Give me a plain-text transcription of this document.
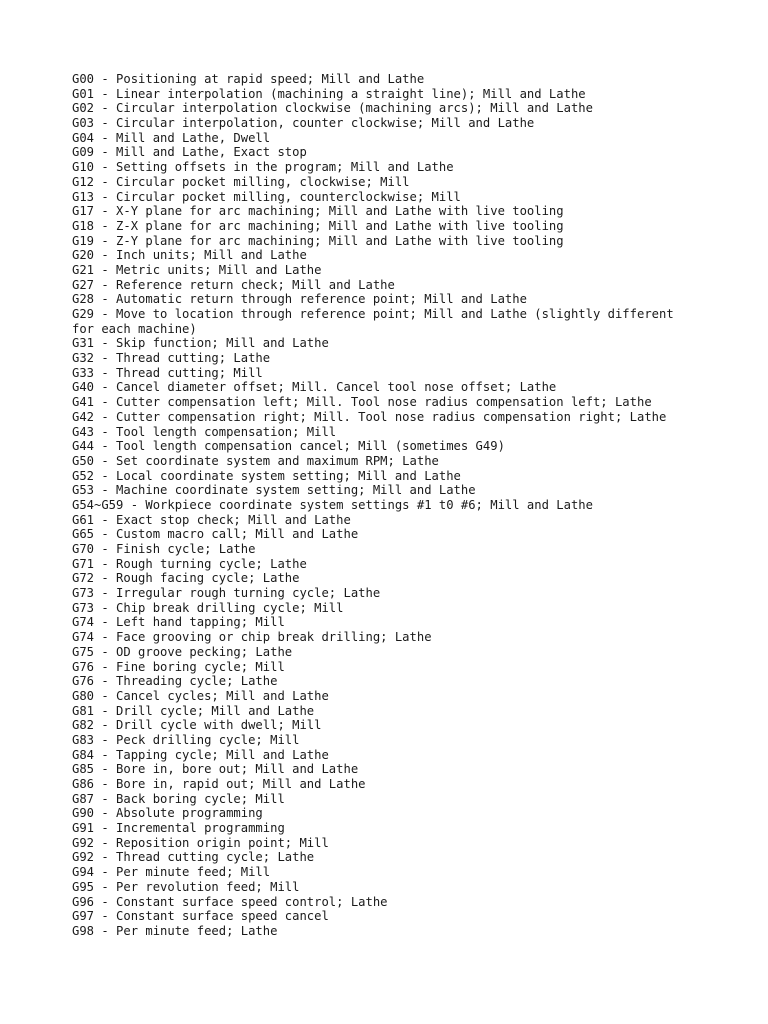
G00 - Positioning at rapid speed; Mill and Lathe
G01 - Linear interpolation (machining a straight line); Mill and Lathe
G02 - Circular interpolation clockwise (machining arcs); Mill and Lathe
G03 - Circular interpolation, counter clockwise; Mill and Lathe
G04 - Mill and Lathe, Dwell
G09 - Mill and Lathe, Exact stop
G10 - Setting offsets in the program; Mill and Lathe
G12 - Circular pocket milling, clockwise; Mill
G13 - Circular pocket milling, counterclockwise; Mill
G17 - X-Y plane for arc machining; Mill and Lathe with live tooling
G18 - Z-X plane for arc machining; Mill and Lathe with live tooling
G19 - Z-Y plane for arc machining; Mill and Lathe with live tooling
G20 - Inch units; Mill and Lathe
G21 - Metric units; Mill and Lathe
G27 - Reference return check; Mill and Lathe
G28 - Automatic return through reference point; Mill and Lathe
G29 - Move to location through reference point; Mill and Lathe (slightly different
for each machine)
G31 - Skip function; Mill and Lathe
G32 - Thread cutting; Lathe
G33 - Thread cutting; Mill
G40 - Cancel diameter offset; Mill. Cancel tool nose offset; Lathe
G41 - Cutter compensation left; Mill. Tool nose radius compensation left; Lathe
G42 - Cutter compensation right; Mill. Tool nose radius compensation right; Lathe
G43 - Tool length compensation; Mill
G44 - Tool length compensation cancel; Mill (sometimes G49)
G50 - Set coordinate system and maximum RPM; Lathe
G52 - Local coordinate system setting; Mill and Lathe
G53 - Machine coordinate system setting; Mill and Lathe
G54~G59 - Workpiece coordinate system settings #1 t0 #6; Mill and Lathe
G61 - Exact stop check; Mill and Lathe
G65 - Custom macro call; Mill and Lathe
G70 - Finish cycle; Lathe
G71 - Rough turning cycle; Lathe
G72 - Rough facing cycle; Lathe
G73 - Irregular rough turning cycle; Lathe
G73 - Chip break drilling cycle; Mill
G74 - Left hand tapping; Mill
G74 - Face grooving or chip break drilling; Lathe
G75 - OD groove pecking; Lathe
G76 - Fine boring cycle; Mill
G76 - Threading cycle; Lathe
G80 - Cancel cycles; Mill and Lathe
G81 - Drill cycle; Mill and Lathe
G82 - Drill cycle with dwell; Mill
G83 - Peck drilling cycle; Mill
G84 - Tapping cycle; Mill and Lathe
G85 - Bore in, bore out; Mill and Lathe
G86 - Bore in, rapid out; Mill and Lathe
G87 - Back boring cycle; Mill
G90 - Absolute programming
G91 - Incremental programming
G92 - Reposition origin point; Mill
G92 - Thread cutting cycle; Lathe
G94 - Per minute feed; Mill
G95 - Per revolution feed; Mill
G96 - Constant surface speed control; Lathe
G97 - Constant surface speed cancel
G98 - Per minute feed; Lathe
